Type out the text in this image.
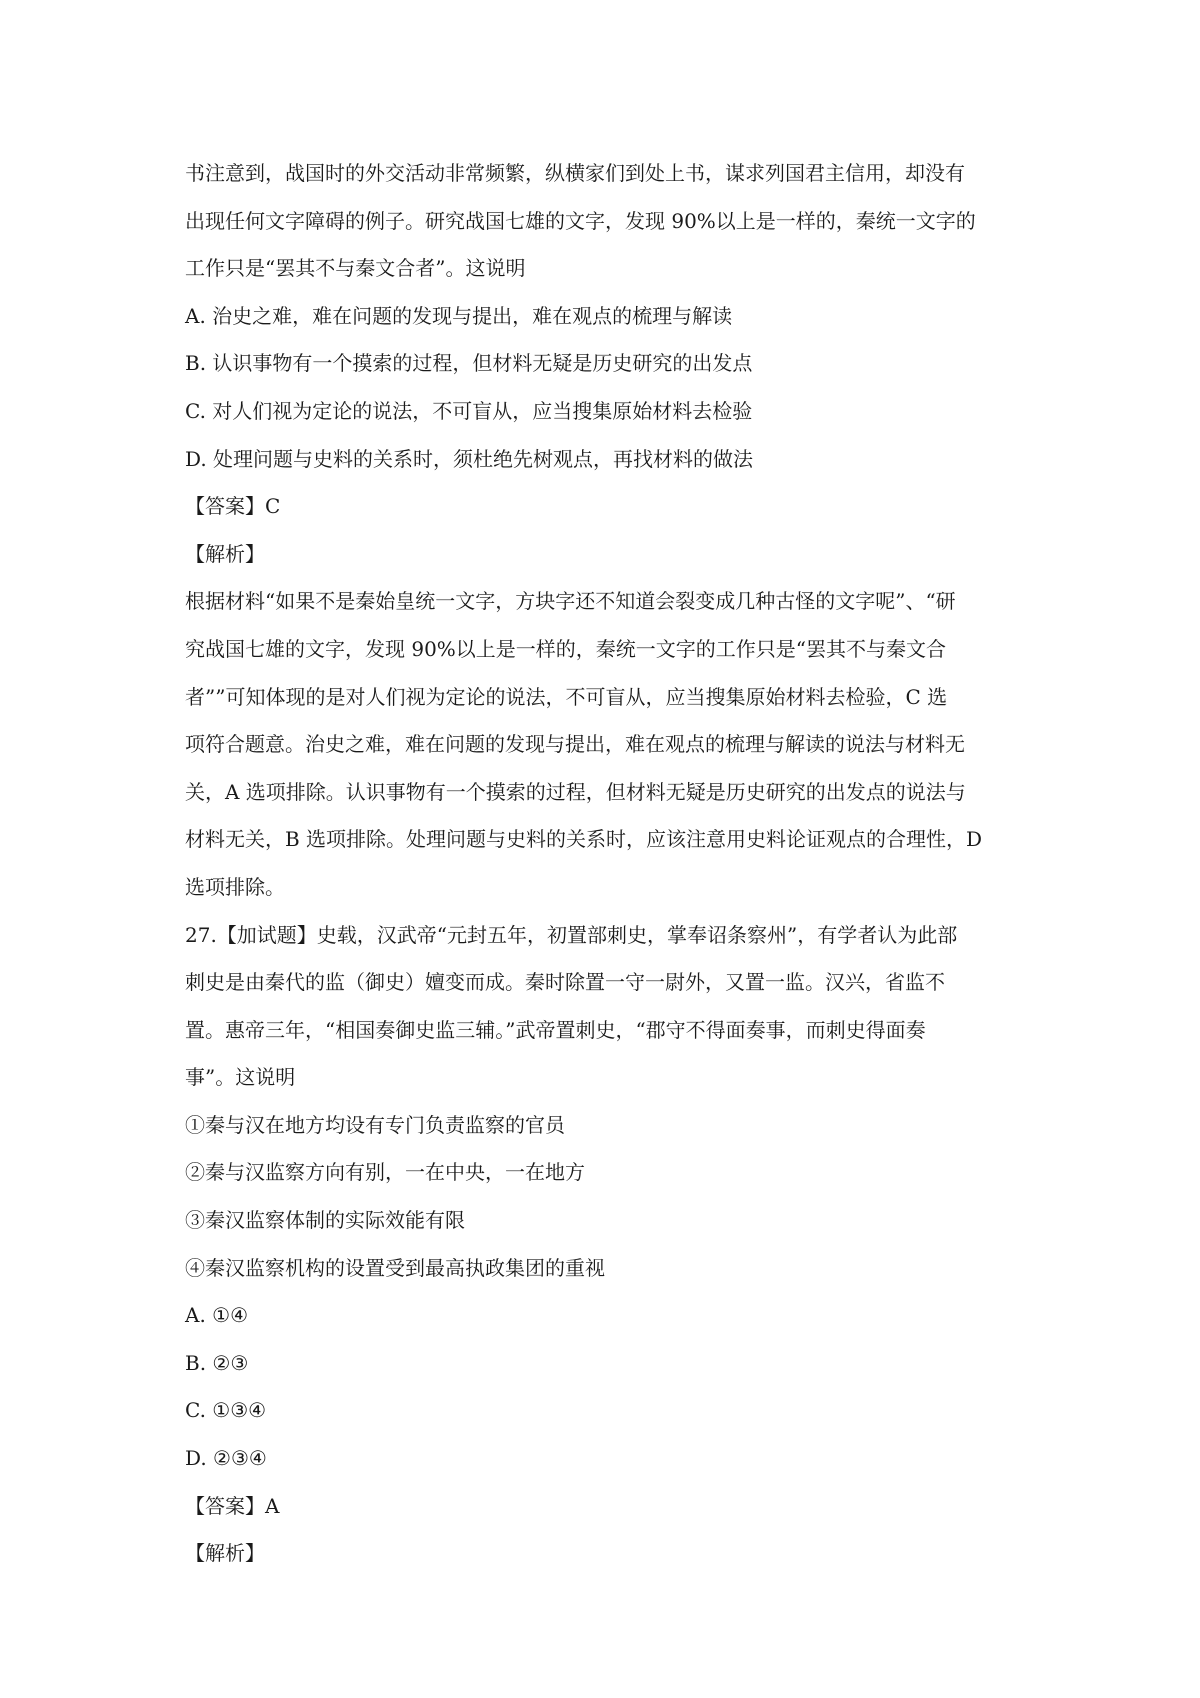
书注意到，战国时的外交活动非常频繁，纵横家们到处上书，谋求列国君主信用，却没有
出现任何文字障碍的例子。研究战国七雄的文字，发现 90%以上是一样的，秦统一文字的
工作只是“罢其不与秦文合者”。这说明
A. 治史之难，难在问题的发现与提出，难在观点的梳理与解读
B. 认识事物有一个摸索的过程，但材料无疑是历史研究的出发点
C. 对人们视为定论的说法，不可盲从，应当搜集原始材料去检验
D. 处理问题与史料的关系时，须杜绝先树观点，再找材料的做法
【答案】C
【解析】
根据材料“如果不是秦始皇统一文字，方块字还不知道会裂变成几种古怪的文字呢”、“研
究战国七雄的文字，发现 90%以上是一样的，秦统一文字的工作只是“罢其不与秦文合
者””可知体现的是对人们视为定论的说法，不可盲从，应当搜集原始材料去检验，C 选
项符合题意。治史之难，难在问题的发现与提出，难在观点的梳理与解读的说法与材料无
关，A 选项排除。认识事物有一个摸索的过程，但材料无疑是历史研究的出发点的说法与
材料无关，B 选项排除。处理问题与史料的关系时，应该注意用史料论证观点的合理性，D
选项排除。
27.【加试题】史载，汉武帝“元封五年，初置部刺史，掌奉诏条察州”，有学者认为此部
刺史是由秦代的监（御史）嬗变而成。秦时除置一守一尉外，又置一监。汉兴，省监不
置。惠帝三年，“相国奏御史监三辅。”武帝置刺史，“郡守不得面奏事，而刺史得面奏
事”。这说明
①秦与汉在地方均设有专门负责监察的官员
②秦与汉监察方向有别，一在中央，一在地方
③秦汉监察体制的实际效能有限
④秦汉监察机构的设置受到最高执政集团的重视
A. ①④
B. ②③
C. ①③④
D. ②③④
【答案】A
【解析】
